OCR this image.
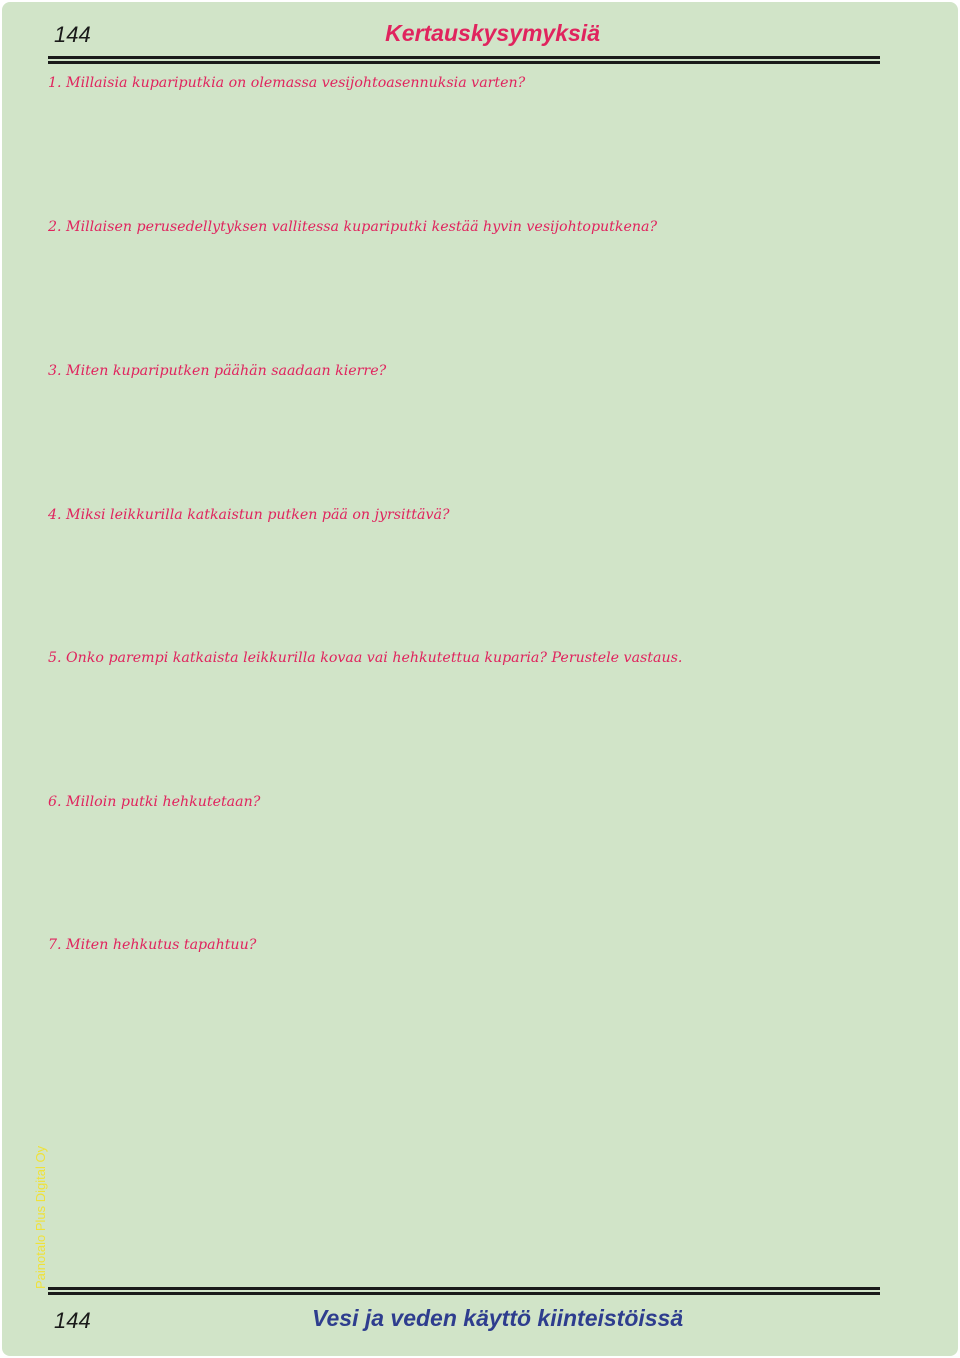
144	Kertauskysymyksiä
1. Millaisia kupariputkia on olemassa vesijohtoasennuksia varten?
2. Millaisen perusedellytyksen vallitessa kupariputki kestää hyvin vesijohtoputkena?
3. Miten kupariputken päähän saadaan kierre?
4. Miksi leikkurilla katkaistun putken pää on jyrsittävä?
5. Onko parempi katkaista leikkurilla kovaa vai hehkutettua kuparia? Perustele vastaus.
6. Milloin putki hehkutetaan?
7. Miten hehkutus tapahtuu?
Painotalo Plus Digital Oy
144	Vesi ja veden käyttö kiinteistöissä
